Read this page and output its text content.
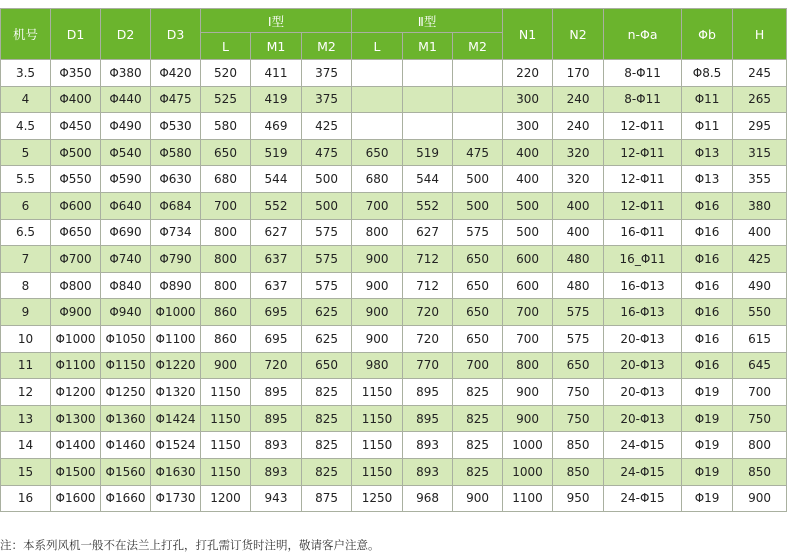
机号	D1	D2	D3	Ⅰ型			Ⅱ型			N1	N2	n-Φa	Φb	H
				L	M1	M2	L	M1	M2					
3.5	Φ350	Φ380	Φ420	520	411	375				220	170	8-Φ11	Φ8.5	245
4	Φ400	Φ440	Φ475	525	419	375				300	240	8-Φ11	Φ11	265
4.5	Φ450	Φ490	Φ530	580	469	425				300	240	12-Φ11	Φ11	295
5	Φ500	Φ540	Φ580	650	519	475	650	519	475	400	320	12-Φ11	Φ13	315
5.5	Φ550	Φ590	Φ630	680	544	500	680	544	500	400	320	12-Φ11	Φ13	355
6	Φ600	Φ640	Φ684	700	552	500	700	552	500	500	400	12-Φ11	Φ16	380
6.5	Φ650	Φ690	Φ734	800	627	575	800	627	575	500	400	16-Φ11	Φ16	400
7	Φ700	Φ740	Φ790	800	637	575	900	712	650	600	480	16_Φ11	Φ16	425
8	Φ800	Φ840	Φ890	800	637	575	900	712	650	600	480	16-Φ13	Φ16	490
9	Φ900	Φ940	Φ1000	860	695	625	900	720	650	700	575	16-Φ13	Φ16	550
10	Φ1000	Φ1050	Φ1100	860	695	625	900	720	650	700	575	20-Φ13	Φ16	615
11	Φ1100	Φ1150	Φ1220	900	720	650	980	770	700	800	650	20-Φ13	Φ16	645
12	Φ1200	Φ1250	Φ1320	1150	895	825	1150	895	825	900	750	20-Φ13	Φ19	700
13	Φ1300	Φ1360	Φ1424	1150	895	825	1150	895	825	900	750	20-Φ13	Φ19	750
14	Φ1400	Φ1460	Φ1524	1150	893	825	1150	893	825	1000	850	24-Φ15	Φ19	800
15	Φ1500	Φ1560	Φ1630	1150	893	825	1150	893	825	1000	850	24-Φ15	Φ19	850
16	Φ1600	Φ1660	Φ1730	1200	943	875	1250	968	900	1100	950	24-Φ15	Φ19	900
注：本系列风机一般不在法兰上打孔，打孔需订货时注明，敬请客户注意。
